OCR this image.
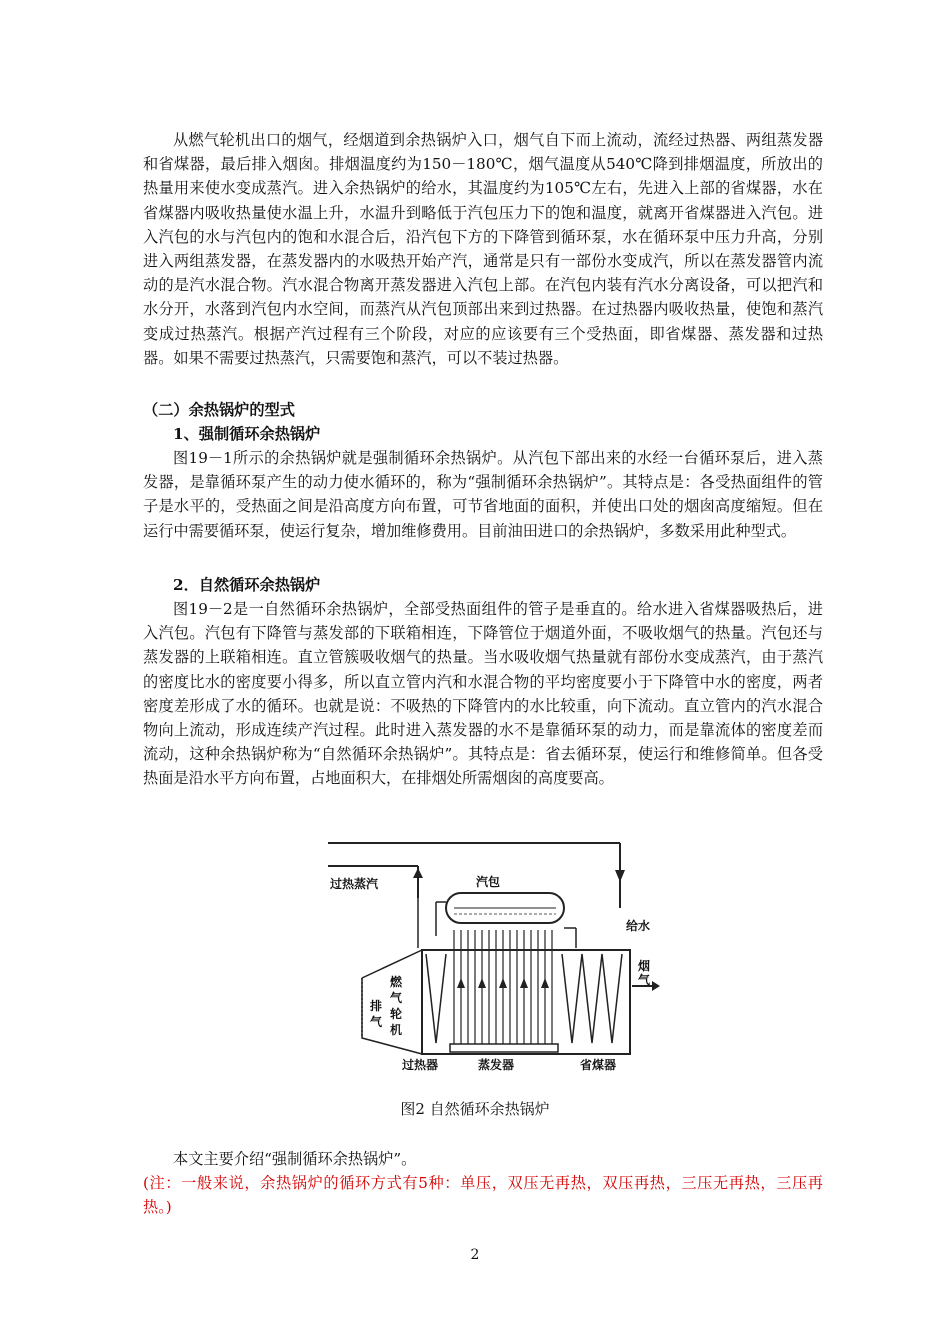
从燃气轮机出口的烟气，经烟道到余热锅炉入口，烟气自下而上流动，流经过热器、两组蒸发器和省煤器，最后排入烟囱。排烟温度约为150－180℃，烟气温度从540℃降到排烟温度，所放出的热量用来使水变成蒸汽。进入余热锅炉的给水，其温度约为105℃左右，先进入上部的省煤器，水在省煤器内吸收热量使水温上升，水温升到略低于汽包压力下的饱和温度，就离开省煤器进入汽包。进入汽包的水与汽包内的饱和水混合后，沿汽包下方的下降管到循环泵，水在循环泵中压力升高，分别进入两组蒸发器，在蒸发器内的水吸热开始产汽，通常是只有一部份水变成汽，所以在蒸发器管内流动的是汽水混合物。汽水混合物离开蒸发器进入汽包上部。在汽包内装有汽水分离设备，可以把汽和水分开，水落到汽包内水空间，而蒸汽从汽包顶部出来到过热器。在过热器内吸收热量，使饱和蒸汽变成过热蒸汽。根据产汽过程有三个阶段，对应的应该要有三个受热面，即省煤器、蒸发器和过热器。如果不需要过热蒸汽，只需要饱和蒸汽，可以不装过热器。

（二）余热锅炉的型式

1、强制循环余热锅炉

图19－1所示的余热锅炉就是强制循环余热锅炉。从汽包下部出来的水经一台循环泵后，进入蒸发器，是靠循环泵产生的动力使水循环的，称为“强制循环余热锅炉”。其特点是：各受热面组件的管子是水平的，受热面之间是沿高度方向布置，可节省地面的面积，并使出口处的烟囱高度缩短。但在运行中需要循环泵，使运行复杂，增加维修费用。目前油田进口的余热锅炉，多数采用此种型式。

2．自然循环余热锅炉

图19－2是一自然循环余热锅炉，全部受热面组件的管子是垂直的。给水进入省煤器吸热后，进入汽包。汽包有下降管与蒸发部的下联箱相连，下降管位于烟道外面，不吸收烟气的热量。汽包还与蒸发器的上联箱相连。直立管簇吸收烟气的热量。当水吸收烟气热量就有部份水变成蒸汽，由于蒸汽的密度比水的密度要小得多，所以直立管内汽和水混合物的平均密度要小于下降管中水的密度，两者密度差形成了水的循环。也就是说：不吸热的下降管内的水比较重，向下流动。直立管内的汽水混合物向上流动，形成连续产汽过程。此时进入蒸发器的水不是靠循环泵的动力，而是靠流体的密度差而流动，这种余热锅炉称为“自然循环余热锅炉”。其特点是：省去循环泵，使运行和维修简单。但各受热面是沿水平方向布置，占地面积大，在排烟处所需烟囱的高度要高。

过热蒸汽	汽包
给水
烟
气
排
气
燃
气
轮
机
过热器	蒸发器	省煤器
图2 自然循环余热锅炉

本文主要介绍“强制循环余热锅炉”。

(注：一般来说，余热锅炉的循环方式有5种：单压，双压无再热，双压再热，三压无再热，三压再热。)

2
